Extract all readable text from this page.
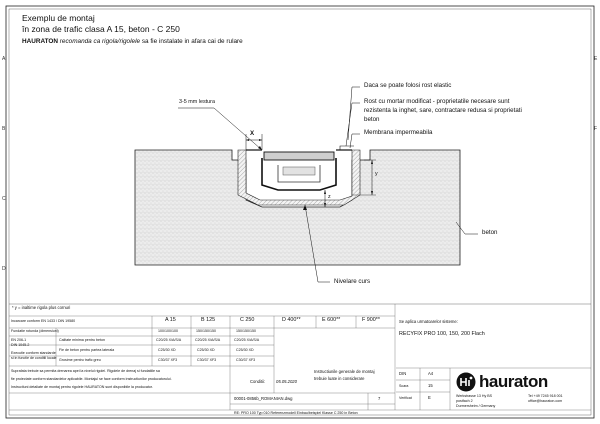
Exemplu de montaj
în zona de trafic clasa A 15, beton - C 250
HAURATON recomanda ca rigola/rigolele sa fie instalate in afara cai de rulare
3-5 mm lestura
X
y
z
Daca se poate folosi rost elastic
Rost cu mortar modificat - proprietatile necesare sunt
rezistenta la inghet, sare, contractare redusa si proprietati
beton
Membrana impermeabila
beton
Nivelare curs
* y = inaltime rigola plus cornuri
A
B
C
D
E
F
Incarcare conform EN 1433 / DIN 19580	A 15	B 125	C 250	D 400**	E 600**	F 900**
Fundatie rotunda (dimensiuni)	100/100/100	150/150/150	150/150/150
EN 206-1
DIN 1045-2
Executie conform standarde
si in functie de conditii locale
Calitate minima pentru beton	C20/25 X/A/S/A	C20/25 X/A/S/A	C20/25 X/A/S/A
Fie de beton pentru partea laterala	C25/30 XD	C25/30 XD	C25/30 XD
Grosime pentru trafic greu	C30/37 XF3	C30/37 XF3	C30/37 XF3
Suprafata trebuie sa permita drenarea apei la nivelul rigolei. Rigolele de drenaj si fundatiile sa
fie proiectate conform standardelor aplicabile. Montajul se face conform instructiunilor producatorului.
Instructiuni detaliate de montaj pentru rigolele HAURATON sunt disponibile la producator.
Conditii:	05.05.2020
Instructiunile generale de montaj
trebuie luate in considerare
00001-0856b_ROMANIAN.dwg	7
RE: PRO 100 Typ 010 Referenzmodell Einbau/beispiel Klasse C 250 in Beton
Se aplica urmatoarelor sisteme:
RECYFIX PRO 100, 150, 200 Flach
DIN	A4
Scara	15
Verificat	E
hauraton
Werkstrasse 13 Hy BS
postfach 2
Durmersheim / Germany
Tel +49 7245 918 001
office@hauraton.com
